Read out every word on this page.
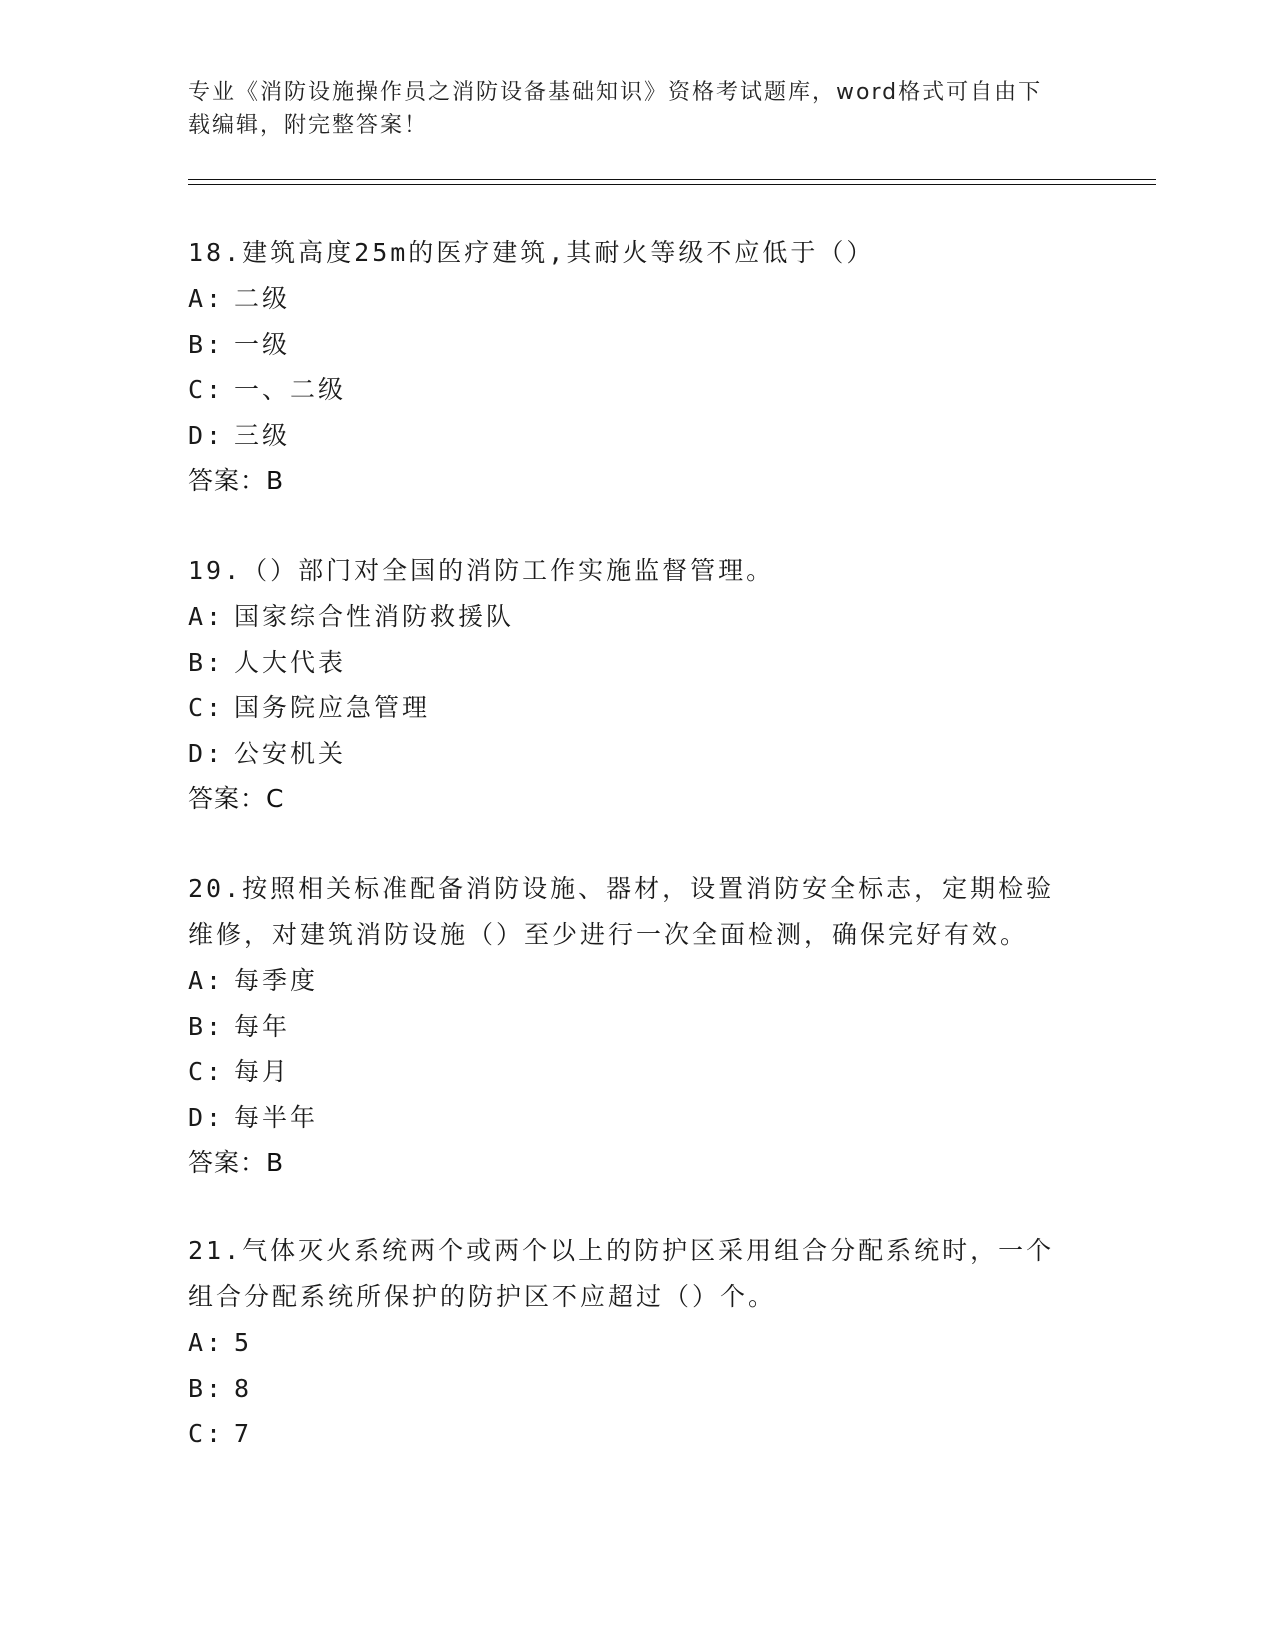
专业《消防设施操作员之消防设备基础知识》资格考试题库，word格式可自由下
载编辑，附完整答案！

18.建筑高度25m的医疗建筑,其耐火等级不应低于（）

A: 二级
B: 一级
C: 一、二级
D: 三级

答案：B

19.（）部门对全国的消防工作实施监督管理。

A: 国家综合性消防救援队
B: 人大代表
C: 国务院应急管理
D: 公安机关

答案：C

20.按照相关标准配备消防设施、器材，设置消防安全标志，定期检验
维修，对建筑消防设施（）至少进行一次全面检测，确保完好有效。

A: 每季度
B: 每年
C: 每月
D: 每半年

答案：B

21.气体灭火系统两个或两个以上的防护区采用组合分配系统时，一个
组合分配系统所保护的防护区不应超过（）个。

A: 5
B: 8
C: 7
